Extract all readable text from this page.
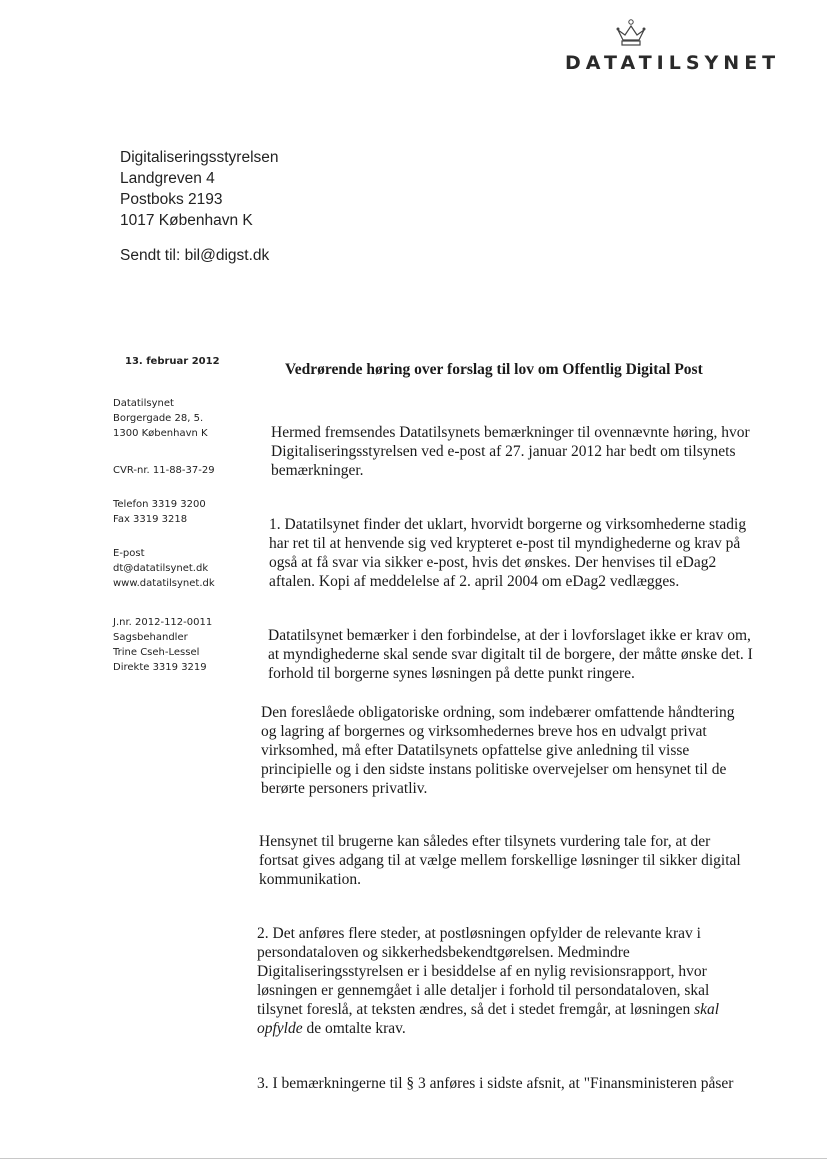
DATATILSYNET
Digitaliseringsstyrelsen
Landgreven 4
Postboks 2193
1017 København K
Sendt til: bil@digst.dk
13. februar 2012
Datatilsynet
Borgergade 28, 5.
1300 København K
CVR-nr. 11-88-37-29
Telefon 3319 3200
Fax 3319 3218
E-post
dt@datatilsynet.dk
www.datatilsynet.dk
J.nr. 2012-112-0011
Sagsbehandler
Trine Cseh-Lessel
Direkte 3319 3219
Vedrørende høring over forslag til lov om Offentlig Digital Post
Hermed fremsendes Datatilsynets bemærkninger til ovennævnte høring, hvor
Digitaliseringsstyrelsen ved e-post af 27. januar 2012 har bedt om tilsynets
bemærkninger.
1. Datatilsynet finder det uklart, hvorvidt borgerne og virksomhederne stadig
har ret til at henvende sig ved krypteret e-post til myndighederne og krav på
også at få svar via sikker e-post, hvis det ønskes. Der henvises til eDag2
aftalen. Kopi af meddelelse af 2. april 2004 om eDag2 vedlægges.
Datatilsynet bemærker i den forbindelse, at der i lovforslaget ikke er krav om,
at myndighederne skal sende svar digitalt til de borgere, der måtte ønske det. I
forhold til borgerne synes løsningen på dette punkt ringere.
Den foreslåede obligatoriske ordning, som indebærer omfattende håndtering
og lagring af borgernes og virksomhedernes breve hos en udvalgt privat
virksomhed, må efter Datatilsynets opfattelse give anledning til visse
principielle og i den sidste instans politiske overvejelser om hensynet til de
berørte personers privatliv.
Hensynet til brugerne kan således efter tilsynets vurdering tale for, at der
fortsat gives adgang til at vælge mellem forskellige løsninger til sikker digital
kommunikation.
2. Det anføres flere steder, at postløsningen opfylder de relevante krav i
persondataloven og sikkerhedsbekendtgørelsen. Medmindre
Digitaliseringsstyrelsen er i besiddelse af en nylig revisionsrapport, hvor
løsningen er gennemgået i alle detaljer i forhold til persondataloven, skal
tilsynet foreslå, at teksten ændres, så det i stedet fremgår, at løsningen skal
opfylde de omtalte krav.
3. I bemærkningerne til § 3 anføres i sidste afsnit, at "Finansministeren påser
